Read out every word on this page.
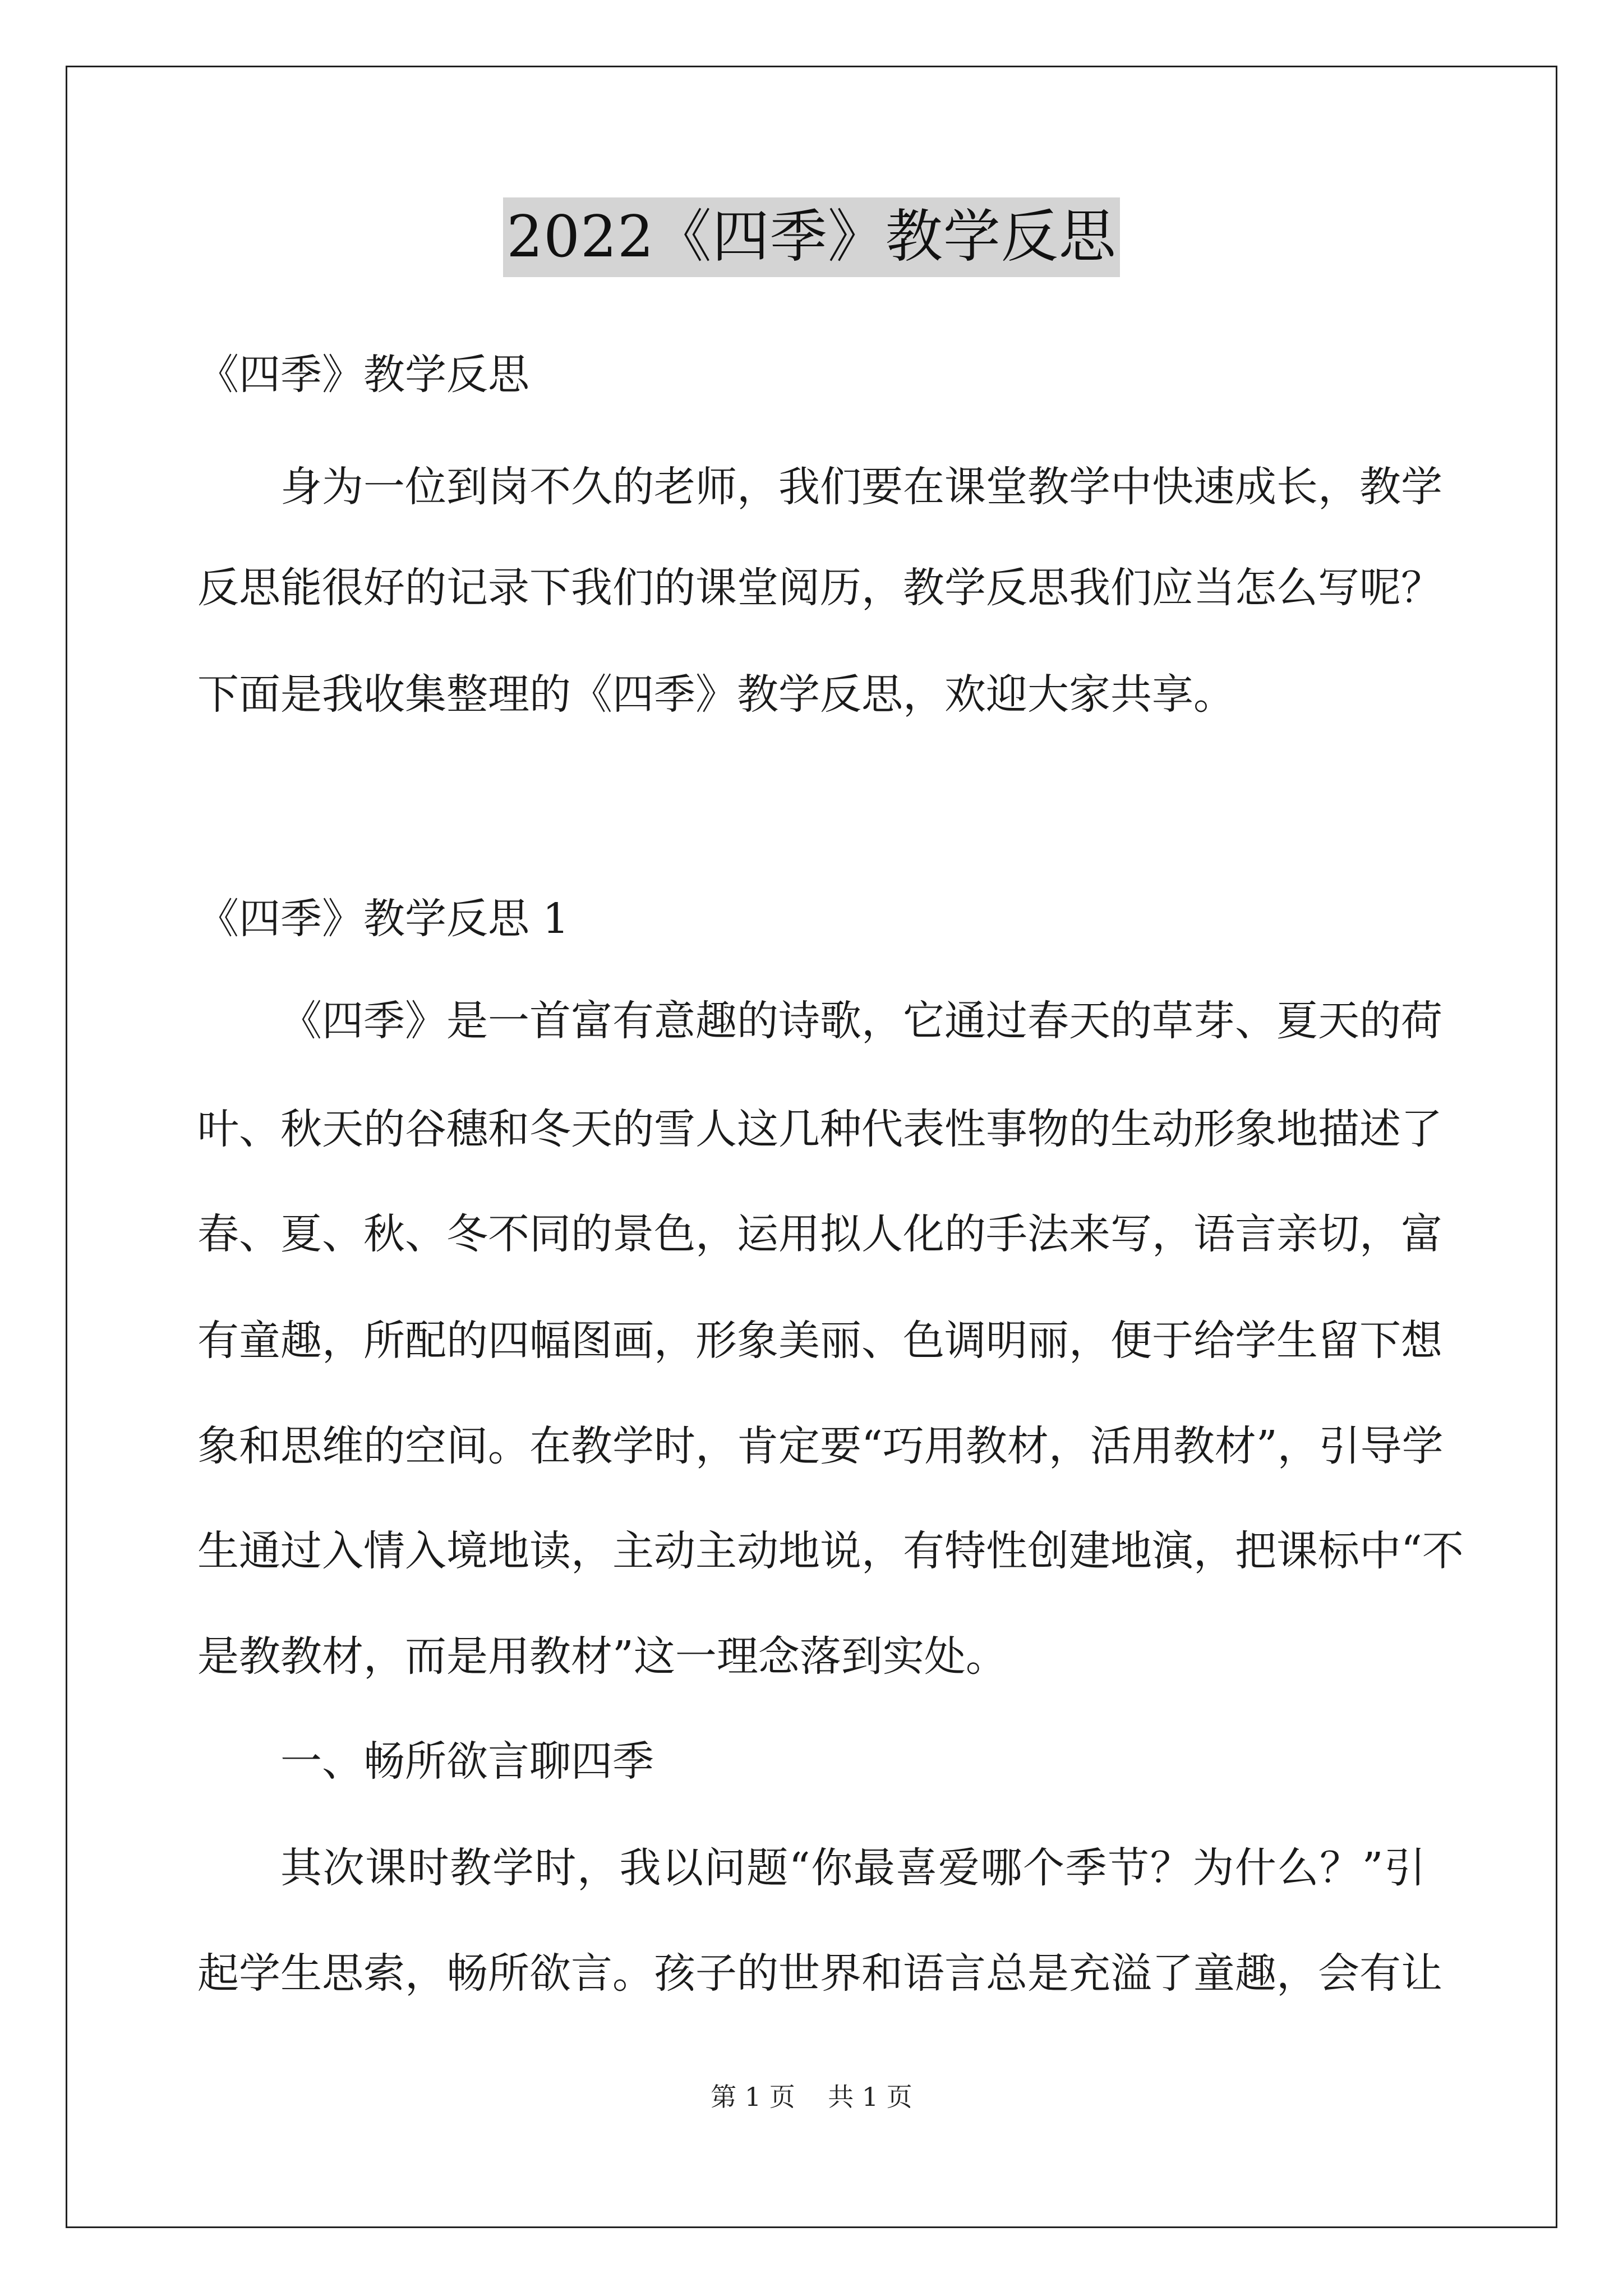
2022《四季》教学反思
《四季》教学反思
身为一位到岗不久的老师，我们要在课堂教学中快速成长，教学
反思能很好的记录下我们的课堂阅历，教学反思我们应当怎么写呢？
下面是我收集整理的《四季》教学反思，欢迎大家共享。
《四季》教学反思 1
《四季》是一首富有意趣的诗歌，它通过春天的草芽、夏天的荷
叶、秋天的谷穗和冬天的雪人这几种代表性事物的生动形象地描述了
春、夏、秋、冬不同的景色，运用拟人化的手法来写，语言亲切，富
有童趣，所配的四幅图画，形象美丽、色调明丽，便于给学生留下想
象和思维的空间。在教学时，肯定要“巧用教材，活用教材”，引导学
生通过入情入境地读，主动主动地说，有特性创建地演，把课标中“不
是教教材，而是用教材”这一理念落到实处。
一、畅所欲言聊四季
其次课时教学时，我以问题“你最喜爱哪个季节？为什么？”引
起学生思索，畅所欲言。孩子的世界和语言总是充溢了童趣，会有让
第 1 页 共 1 页
